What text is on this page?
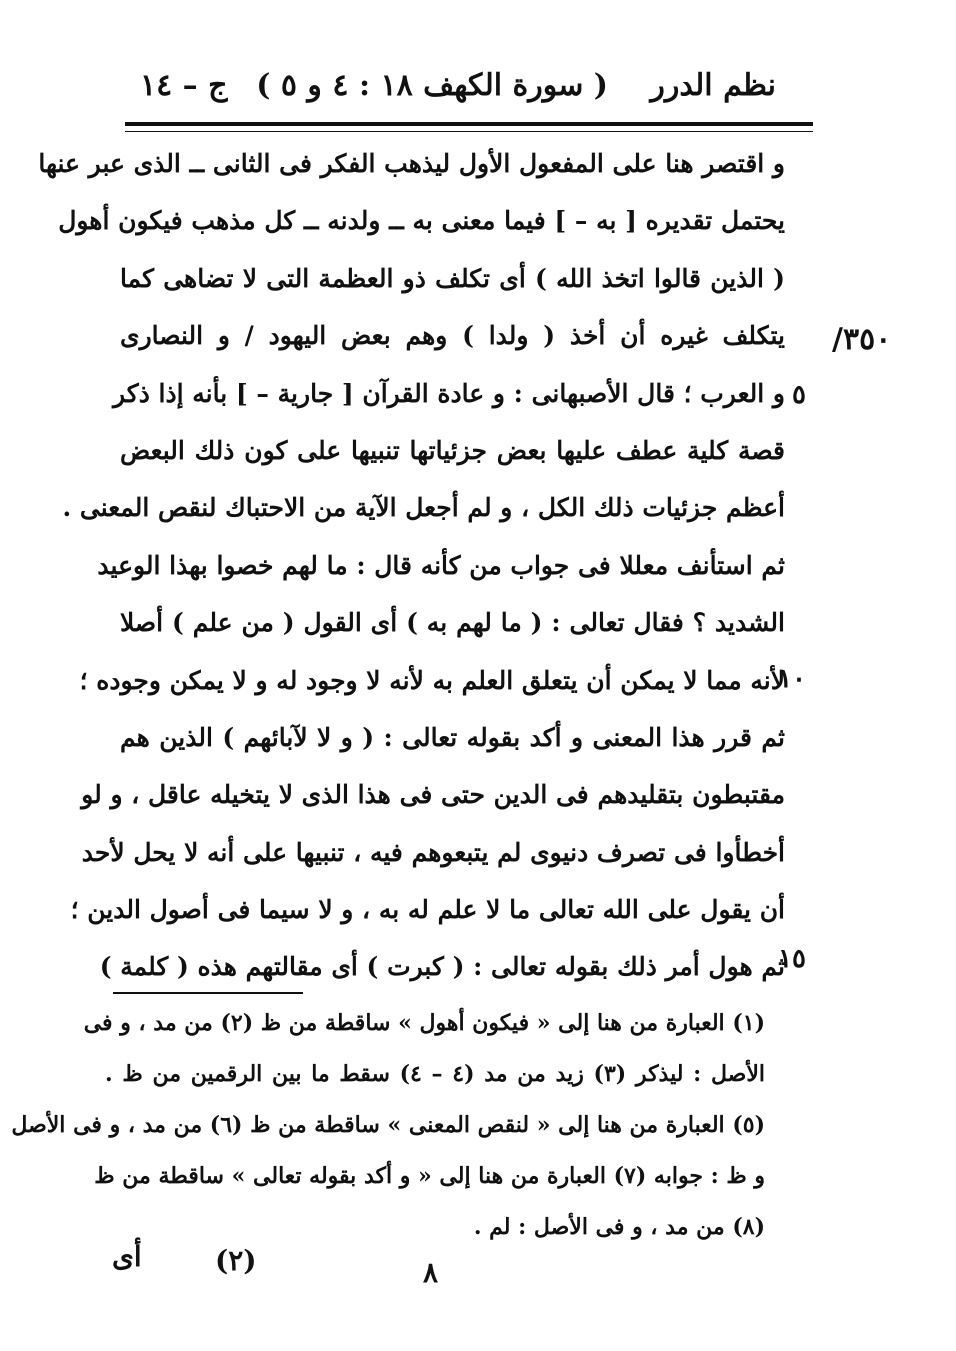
نظم الدرر
( سورة الكهف ١٨ : ٤ و ٥ )
ج – ١٤
٣٥٠/
و اقتصر هنا على المفعول الأول ليذهب الفكر فى الثانى ــ الذى عبر عنها
يحتمل تقديره [ به – ] فيما معنى به ــ ولدنه ــ كل مذهب فيكون أهول
( الذين قالوا اتخذ الله ) أى تكلف ذو العظمة التى لا تضاهى كما
يتكلف غيره أن أخذ ( ولدا ) وهم بعض اليهود / و النصارى
و العرب ؛ قال الأصبهانى : و عادة القرآن [ جارية – ] بأنه إذا ذكر
قصة كلية عطف عليها بعض جزئياتها تنبيها على كون ذلك البعض
أعظم جزئيات ذلك الكل ، و لم أجعل الآية من الاحتباك لنقص المعنى .
ثم استأنف معللا فى جواب من كأنه قال : ما لهم خصوا بهذا الوعيد
الشديد ؟ فقال تعالى : ( ما لهم به ) أى القول ( من علم ) أصلا
لأنه مما لا يمكن أن يتعلق العلم به لأنه لا وجود له و لا يمكن وجوده ؛
ثم قرر هذا المعنى و أكد بقوله تعالى : ( و لا لآبائهم ) الذين هم
مقتبطون بتقليدهم فى الدين حتى فى هذا الذى لا يتخيله عاقل ، و لو
أخطأوا فى تصرف دنيوى لم يتبعوهم فيه ، تنبيها على أنه لا يحل لأحد
أن يقول على الله تعالى ما لا علم له به ، و لا سيما فى أصول الدين ؛
ثم هول أمر ذلك بقوله تعالى : ( كبرت ) أى مقالتهم هذه ( كلمة )
٥
١٠
١٥
(١) العبارة من هنا إلى « فيكون أهول » ساقطة من ظ (٢) من مد ، و فى
الأصل : ليذكر (٣) زيد من مد (٤ – ٤) سقط ما بين الرقمين من ظ .
(٥) العبارة من هنا إلى « لنقص المعنى » ساقطة من ظ (٦) من مد ، و فى الأصل
و ظ : جوابه (٧) العبارة من هنا إلى « و أكد بقوله تعالى » ساقطة من ظ
(٨) من مد ، و فى الأصل : لم .
أى	(٢)	٨
